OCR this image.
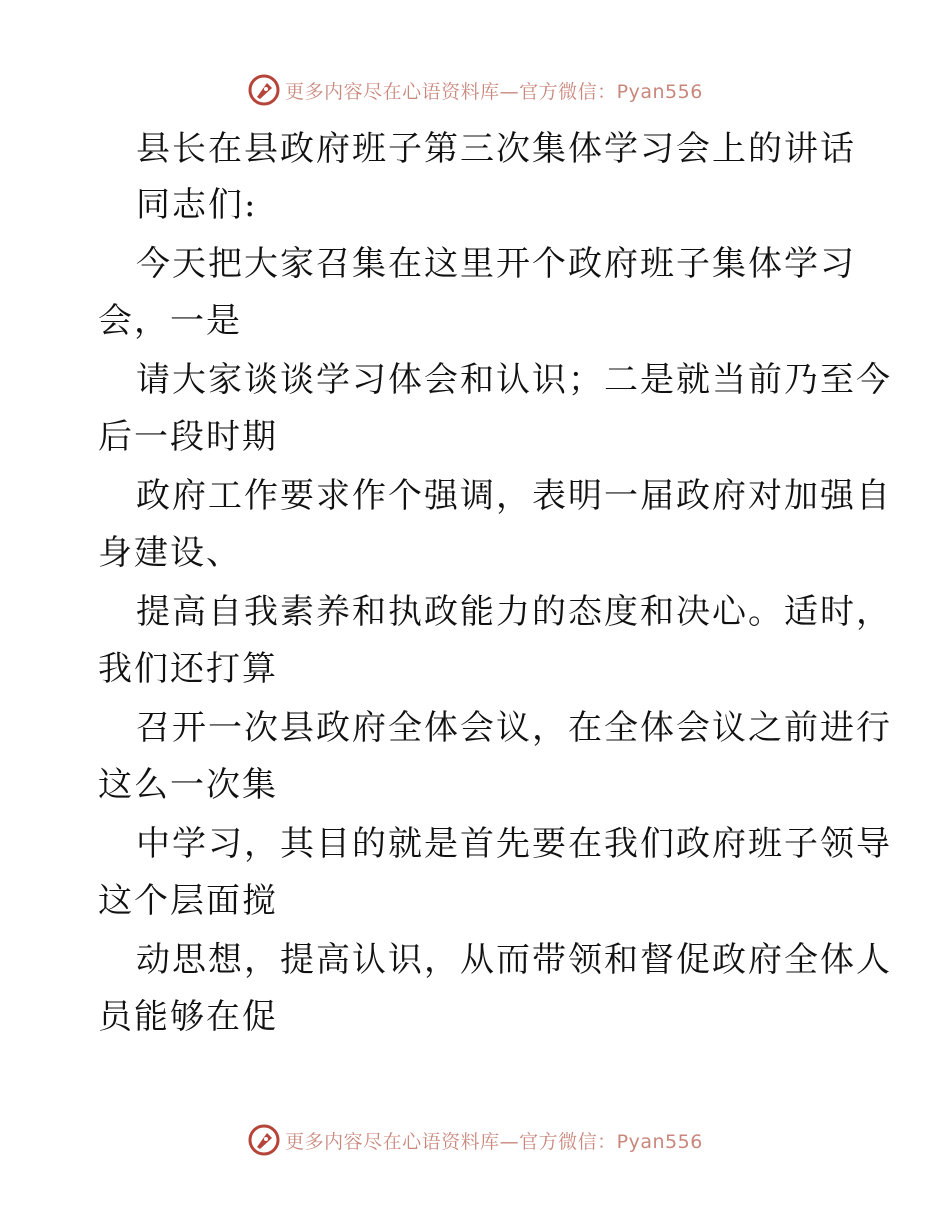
更多内容尽在心语资料库—官方微信：Pyan556
县长在县政府班子第三次集体学习会上的讲话
同志们:
今天把大家召集在这里开个政府班子集体学习
会，一是
请大家谈谈学习体会和认识；二是就当前乃至今
后一段时期
政府工作要求作个强调，表明一届政府对加强自
身建设、
提高自我素养和执政能力的态度和决心。适时，
我们还打算
召开一次县政府全体会议，在全体会议之前进行
这么一次集
中学习，其目的就是首先要在我们政府班子领导
这个层面搅
动思想，提高认识，从而带领和督促政府全体人
员能够在促
更多内容尽在心语资料库—官方微信：Pyan556
